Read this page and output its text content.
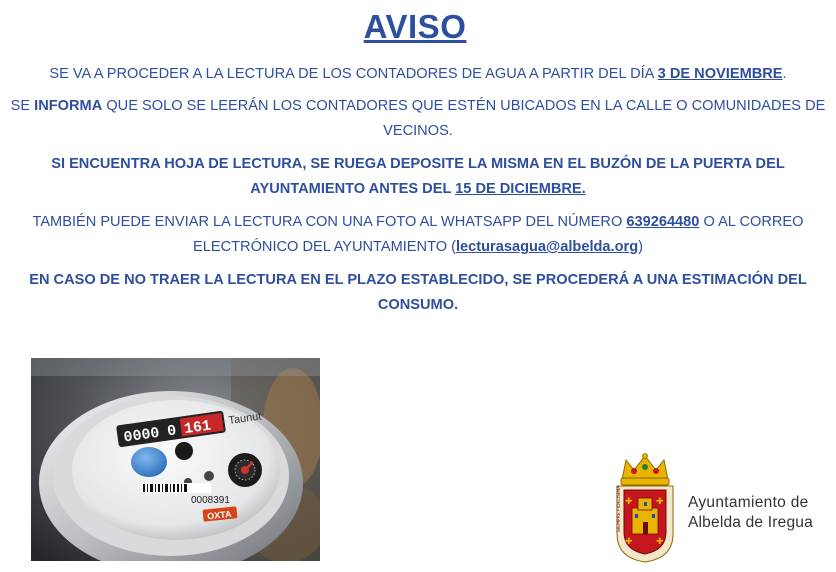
AVISO
SE VA A PROCEDER A LA LECTURA DE LOS CONTADORES DE AGUA A PARTIR DEL DÍA 3 DE NOVIEMBRE.
SE INFORMA QUE SOLO SE LEERÁN LOS CONTADORES QUE ESTÉN UBICADOS EN LA CALLE O COMUNIDADES DE VECINOS.
SI ENCUENTRA HOJA DE LECTURA, SE RUEGA DEPOSITE LA MISMA EN EL BUZÓN DE LA PUERTA DEL AYUNTAMIENTO ANTES DEL 15 DE DICIEMBRE.
TAMBIÉN PUEDE ENVIAR LA LECTURA CON UNA FOTO AL WHATSAPP DEL NÚMERO 639264480 O AL CORREO ELECTRÓNICO DEL AYUNTAMIENTO (lecturasagua@albelda.org)
EN CASO DE NO TRAER LA LECTURA EN EL PLAZO ESTABLECIDO, SE PROCEDERÁ A UNA ESTIMACIÓN DEL CONSUMO.
0000 0 161 Taunut
0008391
OXTA
✚	✚
✚	✚
SIEMPRE FIDELISIMA	Ayuntamiento de
Albelda de Iregua
